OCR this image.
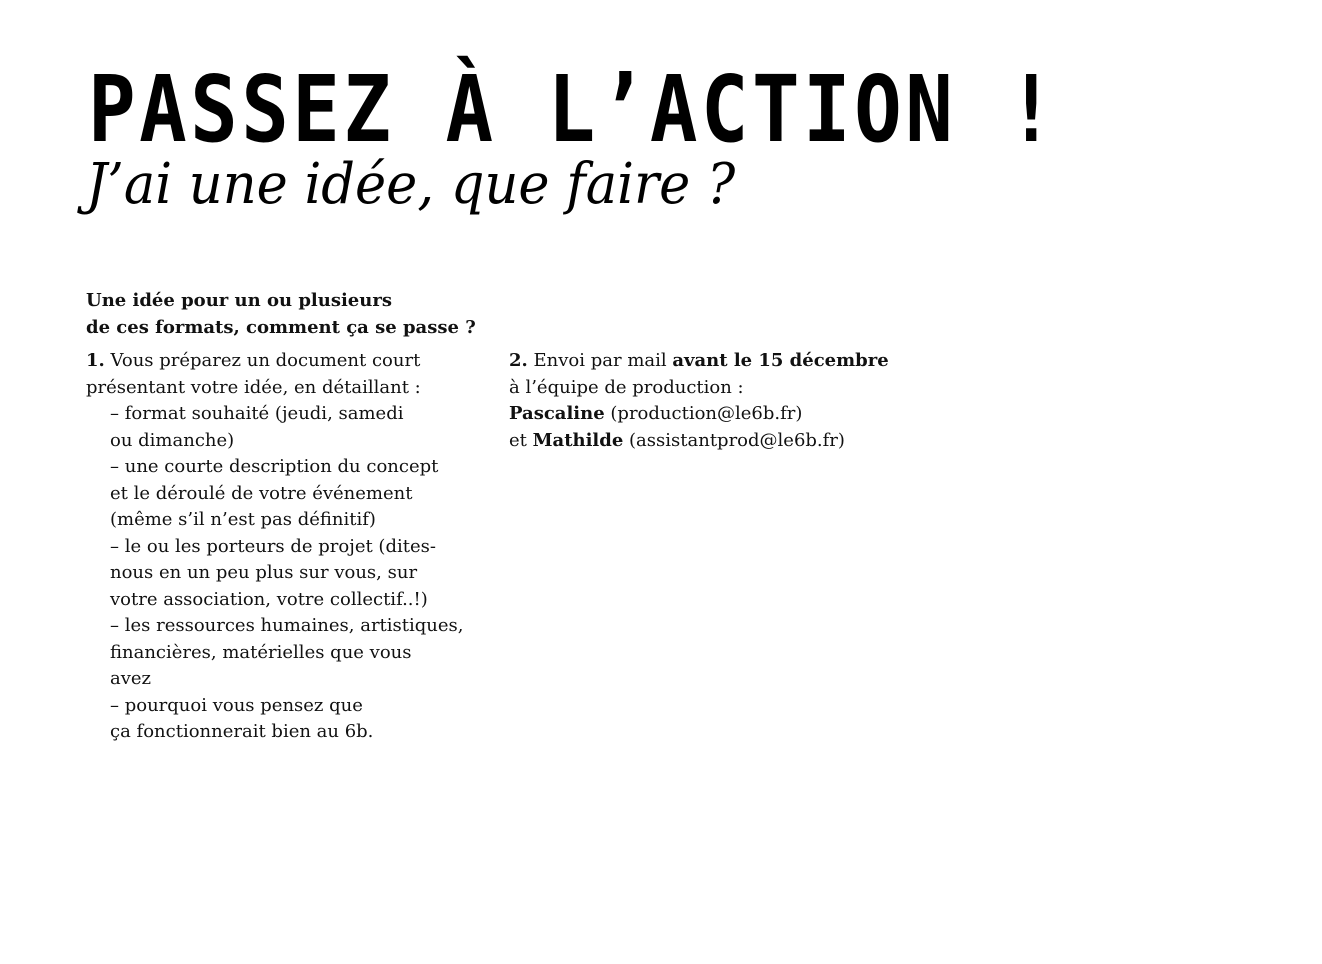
PASSEZ À L’ACTION !
J’ai une idée, que faire ?

Une idée pour un ou plusieurs
de ces formats, comment ça se passe ?

1. Vous préparez un document court
présentant votre idée, en détaillant :
– format souhaité (jeudi, samedi
ou dimanche)
– une courte description du concept
et le déroulé de votre événement
(même s’il n’est pas définitif)
– le ou les porteurs de projet (dites-
nous en un peu plus sur vous, sur
votre association, votre collectif..!)
– les ressources humaines, artistiques,
financières, matérielles que vous
avez
– pourquoi vous pensez que
ça fonctionnerait bien au 6b.
2. Envoi par mail avant le 15 décembre
à l’équipe de production :
Pascaline (production@le6b.fr)
et Mathilde (assistantprod@le6b.fr)
